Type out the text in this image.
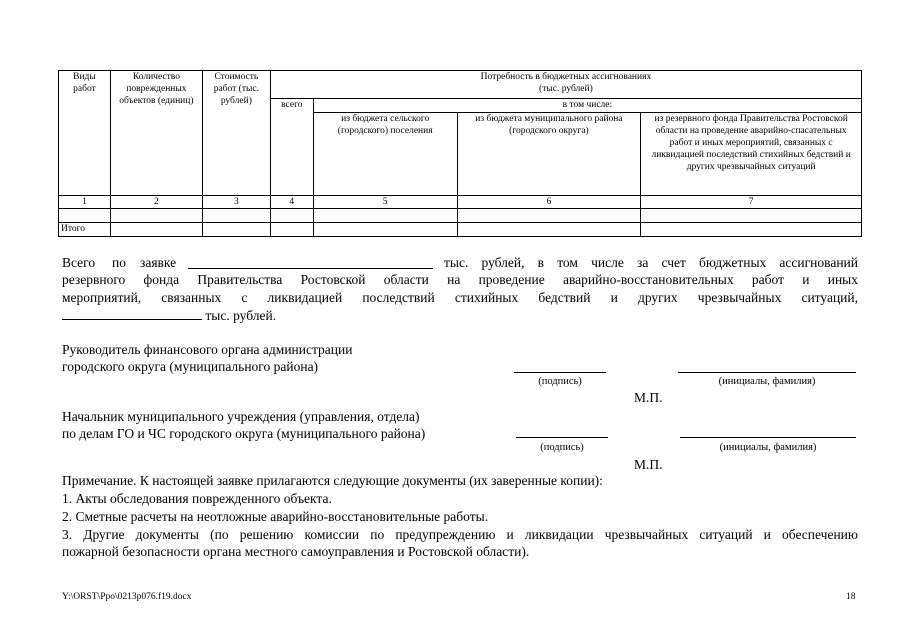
Виды работ	Количество поврежденных объектов (единиц)	Стоимость работ (тыс. рублей)	Потребность в бюджетных ассигнованиях
(тыс. рублей)			

			всего	в том числе:		
				из бюджета сельского (городского) поселения	из бюджета муниципального района (городского округа)	из резервного фонда Правительства Ростовской области на проведение аварийно-спасательных работ и иных мероприятий, связанных с ликвидацией последствий стихийных бедствий и других чрезвычайных ситуаций
1	2	3	4	5	6	7

Итого						
Всего по заявке	тыс. рублей, в том числе за счет бюджетных ассигнований
резервного фонда Правительства Ростовской области на проведение аварийно-восстановительных работ и иных
мероприятий, связанных с ликвидацией последствий стихийных бедствий и других чрезвычайных ситуаций,
тыс. рублей.
Руководитель финансового органа администрации
городского округа (муниципального района)
(подпись)	(инициалы, фамилия)
М.П.
Начальник муниципального учреждения (управления, отдела)
по делам ГО и ЧС городского округа (муниципального района)
(подпись)	(инициалы, фамилия)
М.П.
Примечание. К настоящей заявке прилагаются следующие документы (их заверенные копии):
1. Акты обследования поврежденного объекта.
2. Сметные расчеты на неотложные аварийно-восстановительные работы.
3. Другие документы (по решению комиссии по предупреждению и ликвидации чрезвычайных ситуаций и обеспечению
пожарной безопасности органа местного самоуправления и Ростовской области).
Y:\ORST\Ppo\0213p076.f19.docx	18
